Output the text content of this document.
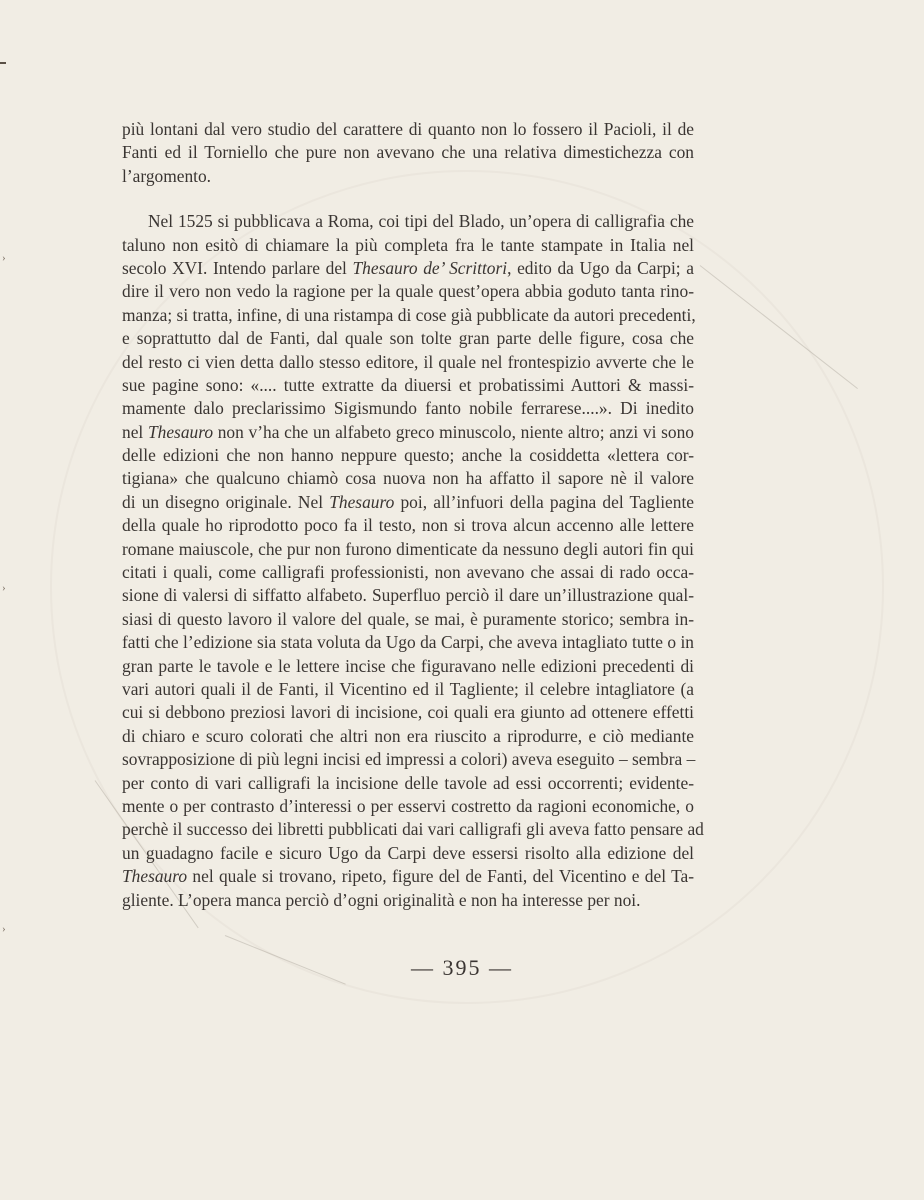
›
›
›
più lontani dal vero studio del carattere di quanto non lo fossero il Pacioli, il de
Fanti ed il Torniello che pure non avevano che una relativa dimestichezza con
l’argomento.
Nel 1525 si pubblicava a Roma, coi tipi del Blado, un’opera di calligrafia che
taluno non esitò di chiamare la più completa fra le tante stampate in Italia nel
secolo XVI. Intendo parlare del Thesauro de’ Scrittori, edito da Ugo da Carpi; a
dire il vero non vedo la ragione per la quale quest’opera abbia goduto tanta rino-
manza; si tratta, infine, di una ristampa di cose già pubblicate da autori precedenti,
e soprattutto dal de Fanti, dal quale son tolte gran parte delle figure, cosa che
del resto ci vien detta dallo stesso editore, il quale nel frontespizio avverte che le
sue pagine sono: «.... tutte extratte da diuersi et probatissimi Auttori & massi-
mamente dalo preclarissimo Sigismundo fanto nobile ferrarese....». Di inedito
nel Thesauro non v’ha che un alfabeto greco minuscolo, niente altro; anzi vi sono
delle edizioni che non hanno neppure questo; anche la cosiddetta «lettera cor-
tigiana» che qualcuno chiamò cosa nuova non ha affatto il sapore nè il valore
di un disegno originale. Nel Thesauro poi, all’infuori della pagina del Tagliente
della quale ho riprodotto poco fa il testo, non si trova alcun accenno alle lettere
romane maiuscole, che pur non furono dimenticate da nessuno degli autori fin qui
citati i quali, come calligrafi professionisti, non avevano che assai di rado occa-
sione di valersi di siffatto alfabeto. Superfluo perciò il dare un’illustrazione qual-
siasi di questo lavoro il valore del quale, se mai, è puramente storico; sembra in-
fatti che l’edizione sia stata voluta da Ugo da Carpi, che aveva intagliato tutte o in
gran parte le tavole e le lettere incise che figuravano nelle edizioni precedenti di
vari autori quali il de Fanti, il Vicentino ed il Tagliente; il celebre intagliatore (a
cui si debbono preziosi lavori di incisione, coi quali era giunto ad ottenere effetti
di chiaro e scuro colorati che altri non era riuscito a riprodurre, e ciò mediante
sovrapposizione di più legni incisi ed impressi a colori) aveva eseguito – sembra –
per conto di vari calligrafi la incisione delle tavole ad essi occorrenti; evidente-
mente o per contrasto d’interessi o per esservi costretto da ragioni economiche, o
perchè il successo dei libretti pubblicati dai vari calligrafi gli aveva fatto pensare ad
un guadagno facile e sicuro Ugo da Carpi deve essersi risolto alla edizione del
Thesauro nel quale si trovano, ripeto, figure del de Fanti, del Vicentino e del Ta-
gliente. L’opera manca perciò d’ogni originalità e non ha interesse per noi.
— 395 —
